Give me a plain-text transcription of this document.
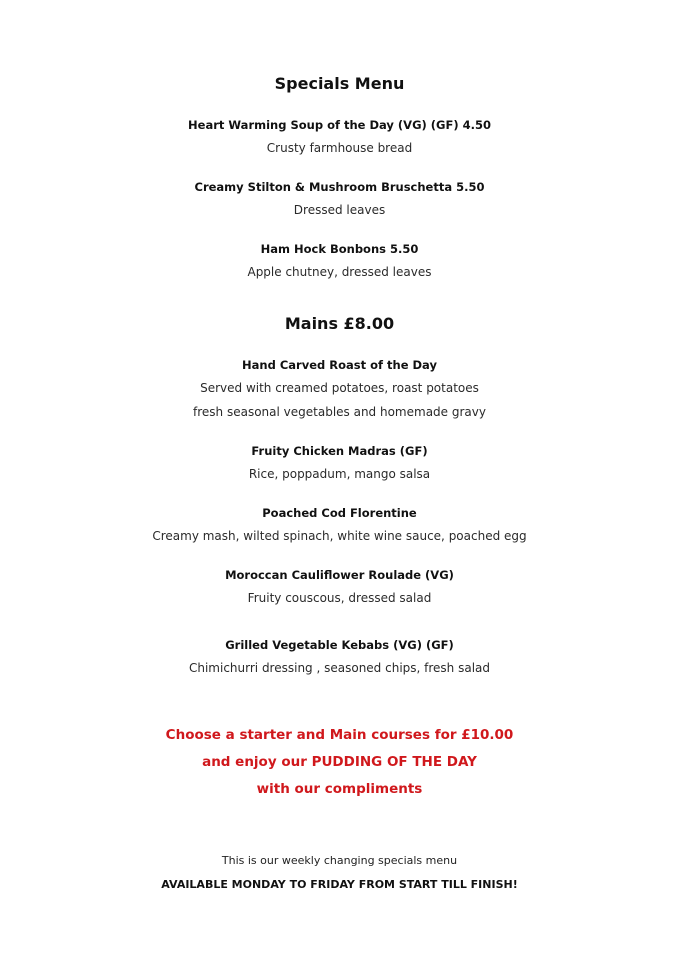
Specials Menu
Heart Warming Soup of the Day (VG) (GF) 4.50
Crusty farmhouse bread
Creamy Stilton & Mushroom Bruschetta 5.50
Dressed leaves
Ham Hock Bonbons 5.50
Apple chutney, dressed leaves
Mains £8.00
Hand Carved Roast of the Day
Served with creamed potatoes, roast potatoes
fresh seasonal vegetables and homemade gravy
Fruity Chicken Madras (GF)
Rice, poppadum, mango salsa
Poached Cod Florentine
Creamy mash, wilted spinach, white wine sauce, poached egg
Moroccan Cauliflower Roulade (VG)
Fruity couscous, dressed salad
Grilled Vegetable Kebabs (VG) (GF)
Chimichurri dressing , seasoned chips, fresh salad
Choose a starter and Main courses for £10.00
and enjoy our PUDDING OF THE DAY
with our compliments
This is our weekly changing specials menu
AVAILABLE MONDAY TO FRIDAY FROM START TILL FINISH!
